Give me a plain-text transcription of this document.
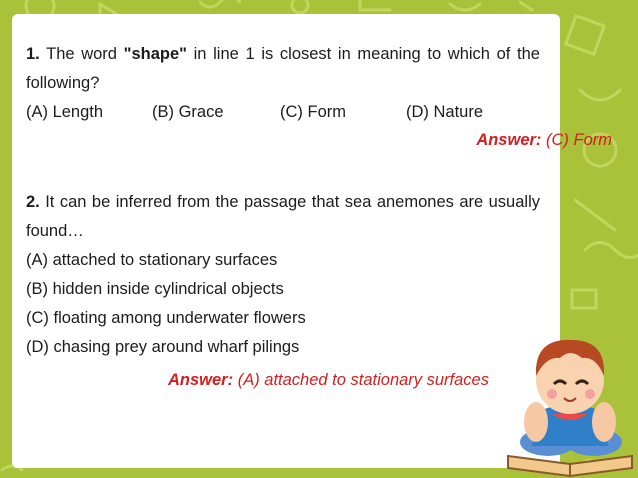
1. The word "shape" in line 1 is closest in meaning to which of the following?
(A) Length	(B) Grace	(C) Form	(D) Nature
Answer: (C) Form
2. It can be inferred from the passage that sea anemones are usually found…
(A) attached to stationary surfaces
(B) hidden inside cylindrical objects
(C) floating among underwater flowers
(D) chasing prey around wharf pilings
Answer: (A) attached to stationary surfaces
